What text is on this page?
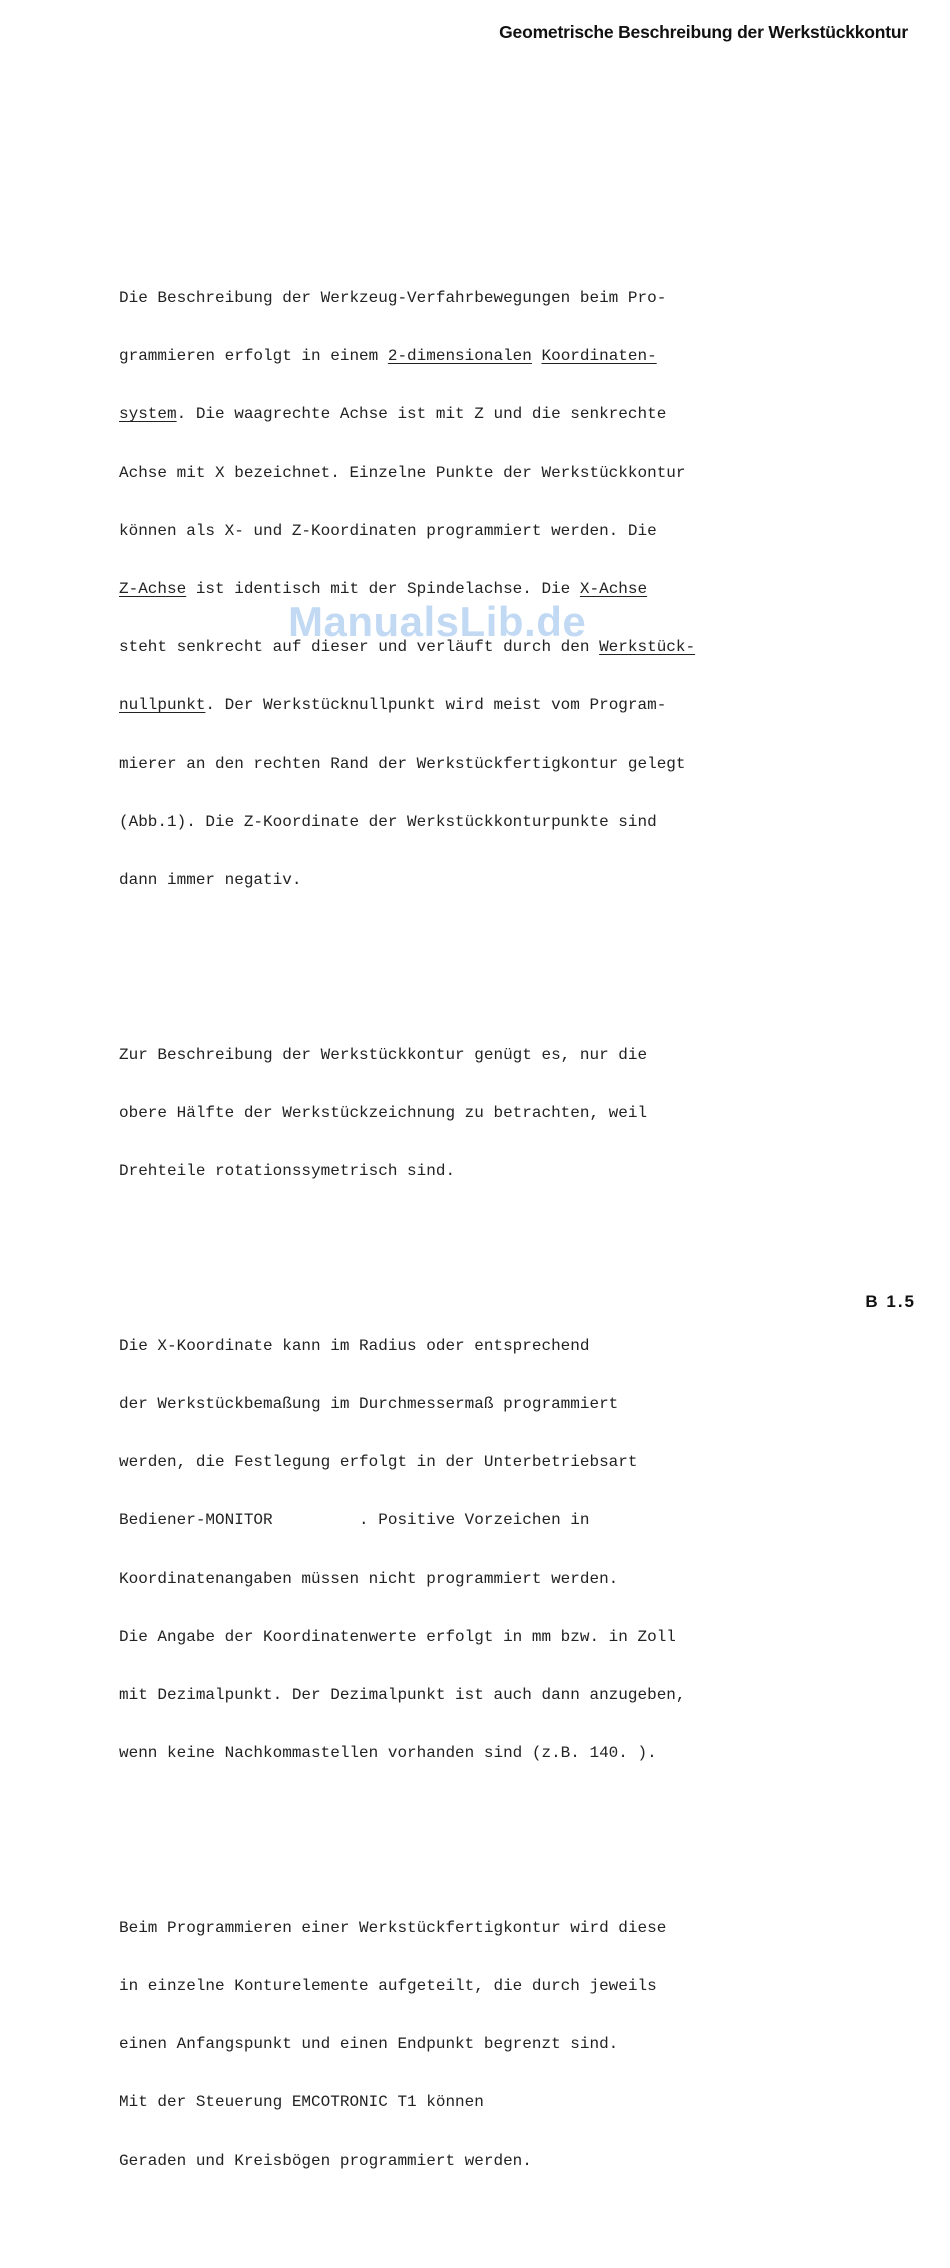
Geometrische Beschreibung der Werkstückkontur

Die Beschreibung der Werkzeug-Verfahrbewegungen beim Pro-

grammieren erfolgt in einem 2-dimensionalen Koordinaten-

system. Die waagrechte Achse ist mit Z und die senkrechte

Achse mit X bezeichnet. Einzelne Punkte der Werkstückkontur

können als X- und Z-Koordinaten programmiert werden. Die

Z-Achse ist identisch mit der Spindelachse. Die X-Achse

steht senkrecht auf dieser und verläuft durch den Werkstück-

nullpunkt. Der Werkstücknullpunkt wird meist vom Program-

mierer an den rechten Rand der Werkstückfertigkontur gelegt

(Abb.1). Die Z-Koordinate der Werkstückkonturpunkte sind

dann immer negativ.

Zur Beschreibung der Werkstückkontur genügt es, nur die

obere Hälfte der Werkstückzeichnung zu betrachten, weil

Drehteile rotationssymetrisch sind.

Die X-Koordinate kann im Radius oder entsprechend

der Werkstückbemaßung im Durchmessermaß programmiert

werden, die Festlegung erfolgt in der Unterbetriebsart

Bediener-MONITOR         . Positive Vorzeichen in

Koordinatenangaben müssen nicht programmiert werden.

Die Angabe der Koordinatenwerte erfolgt in mm bzw. in Zoll

mit Dezimalpunkt. Der Dezimalpunkt ist auch dann anzugeben,

wenn keine Nachkommastellen vorhanden sind (z.B. 140. ).

Beim Programmieren einer Werkstückfertigkontur wird diese

in einzelne Konturelemente aufgeteilt, die durch jeweils

einen Anfangspunkt und einen Endpunkt begrenzt sind.

Mit der Steuerung EMCOTRONIC T1 können

Geraden und Kreisbögen programmiert werden.

ManualsLib.de
B 1.5
